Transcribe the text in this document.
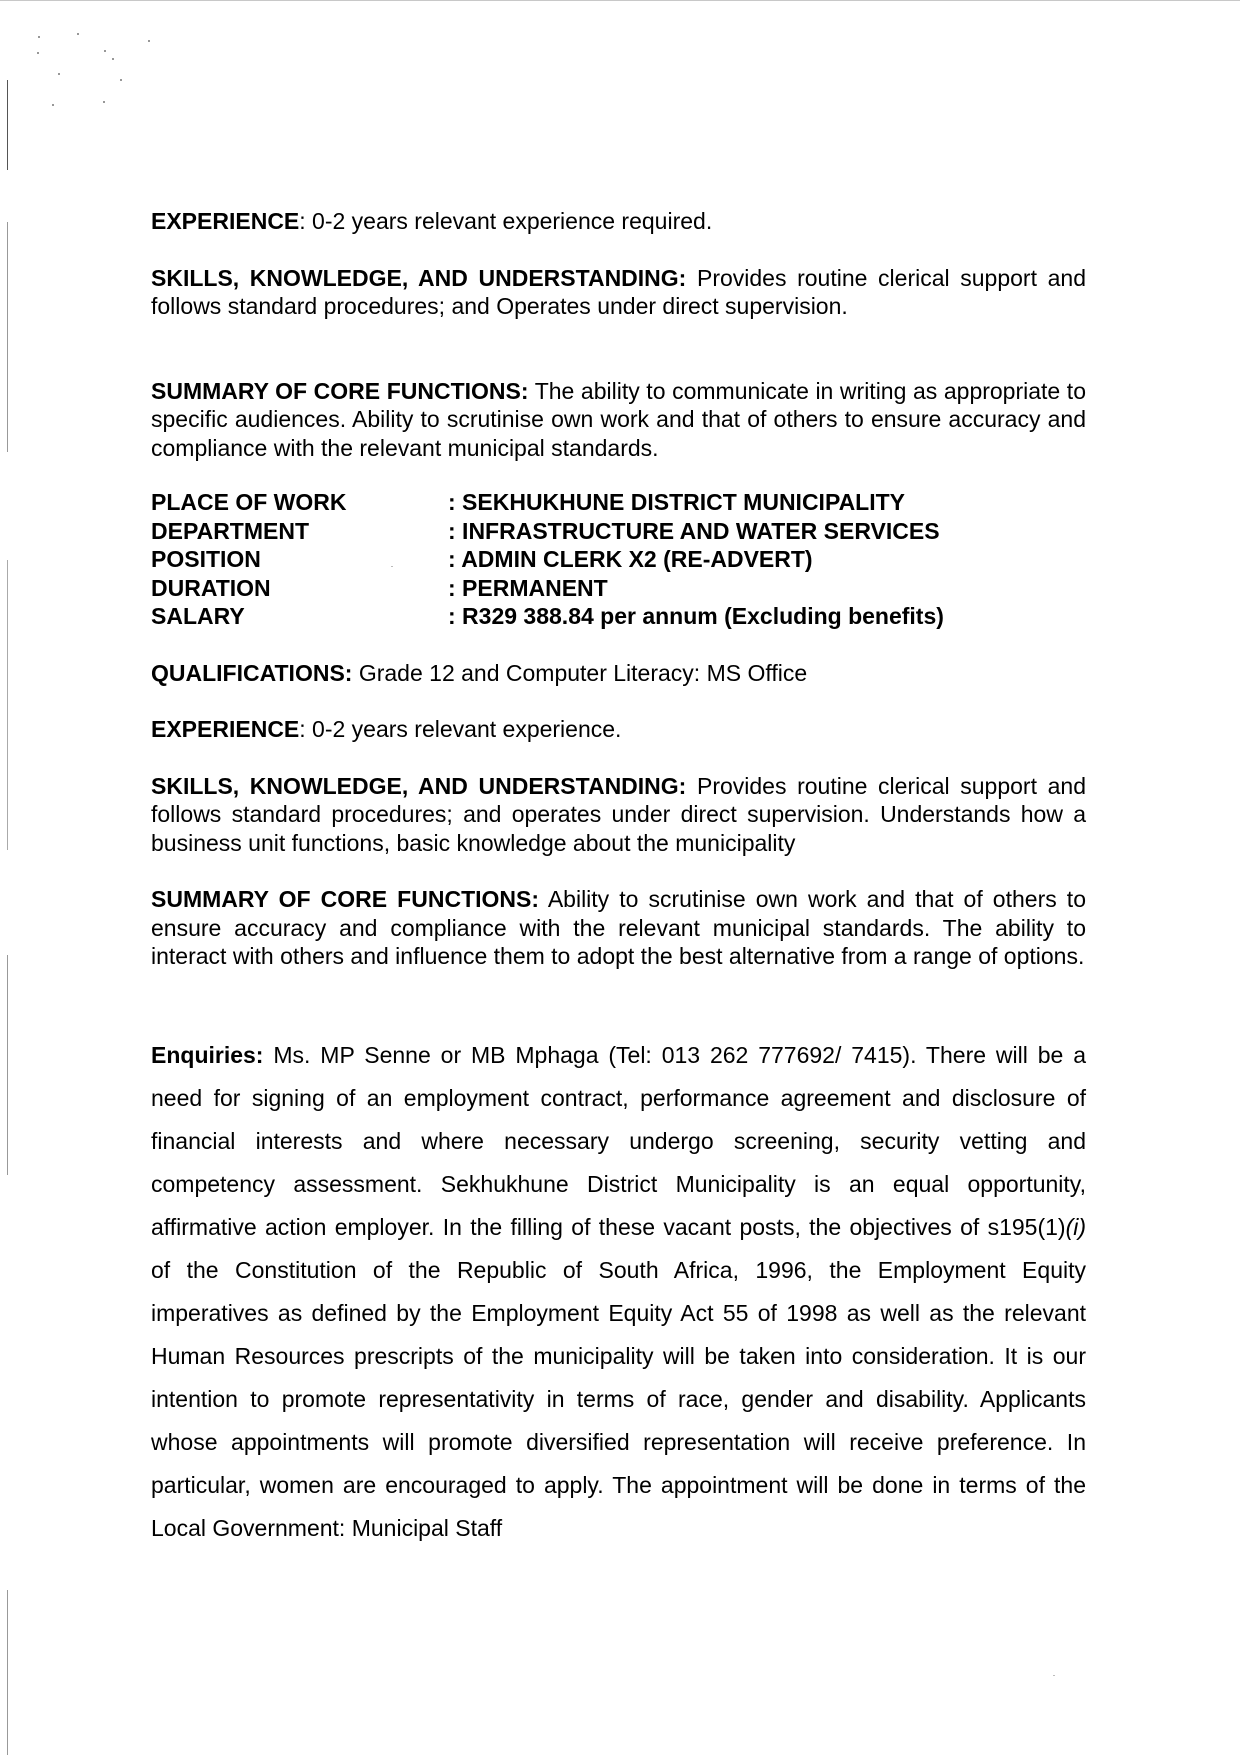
EXPERIENCE: 0-2 years relevant experience required.

SKILLS, KNOWLEDGE, AND UNDERSTANDING: Provides routine clerical support and follows standard procedures; and Operates under direct supervision.

SUMMARY OF CORE FUNCTIONS: The ability to communicate in writing as appropriate to specific audiences. Ability to scrutinise own work and that of others to ensure accuracy and compliance with the relevant municipal standards.

PLACE OF WORK	: SEKHUKHUNE DISTRICT MUNICIPALITY
DEPARTMENT	: INFRASTRUCTURE AND WATER SERVICES
POSITION	: ADMIN CLERK X2 (RE-ADVERT)
DURATION	: PERMANENT
SALARY	: R329 388.84 per annum (Excluding benefits)

QUALIFICATIONS: Grade 12 and Computer Literacy: MS Office

EXPERIENCE: 0-2 years relevant experience.

SKILLS, KNOWLEDGE, AND UNDERSTANDING: Provides routine clerical support and follows standard procedures; and operates under direct supervision. Understands how a business unit functions, basic knowledge about the municipality

SUMMARY OF CORE FUNCTIONS: Ability to scrutinise own work and that of others to ensure accuracy and compliance with the relevant municipal standards. The ability to interact with others and influence them to adopt the best alternative from a range of options.

Enquiries: Ms. MP Senne or MB Mphaga (Tel: 013 262 777692/ 7415). There will be a need for signing of an employment contract, performance agreement and disclosure of financial interests and where necessary undergo screening, security vetting and competency assessment. Sekhukhune District Municipality is an equal opportunity, affirmative action employer. In the filling of these vacant posts, the objectives of s195(1)(i) of the Constitution of the Republic of South Africa, 1996, the Employment Equity imperatives as defined by the Employment Equity Act 55 of 1998 as well as the relevant Human Resources prescripts of the municipality will be taken into consideration. It is our intention to promote representativity in terms of race, gender and disability. Applicants whose appointments will promote diversified representation will receive preference. In particular, women are encouraged to apply. The appointment will be done in terms of the Local Government: Municipal Staff
